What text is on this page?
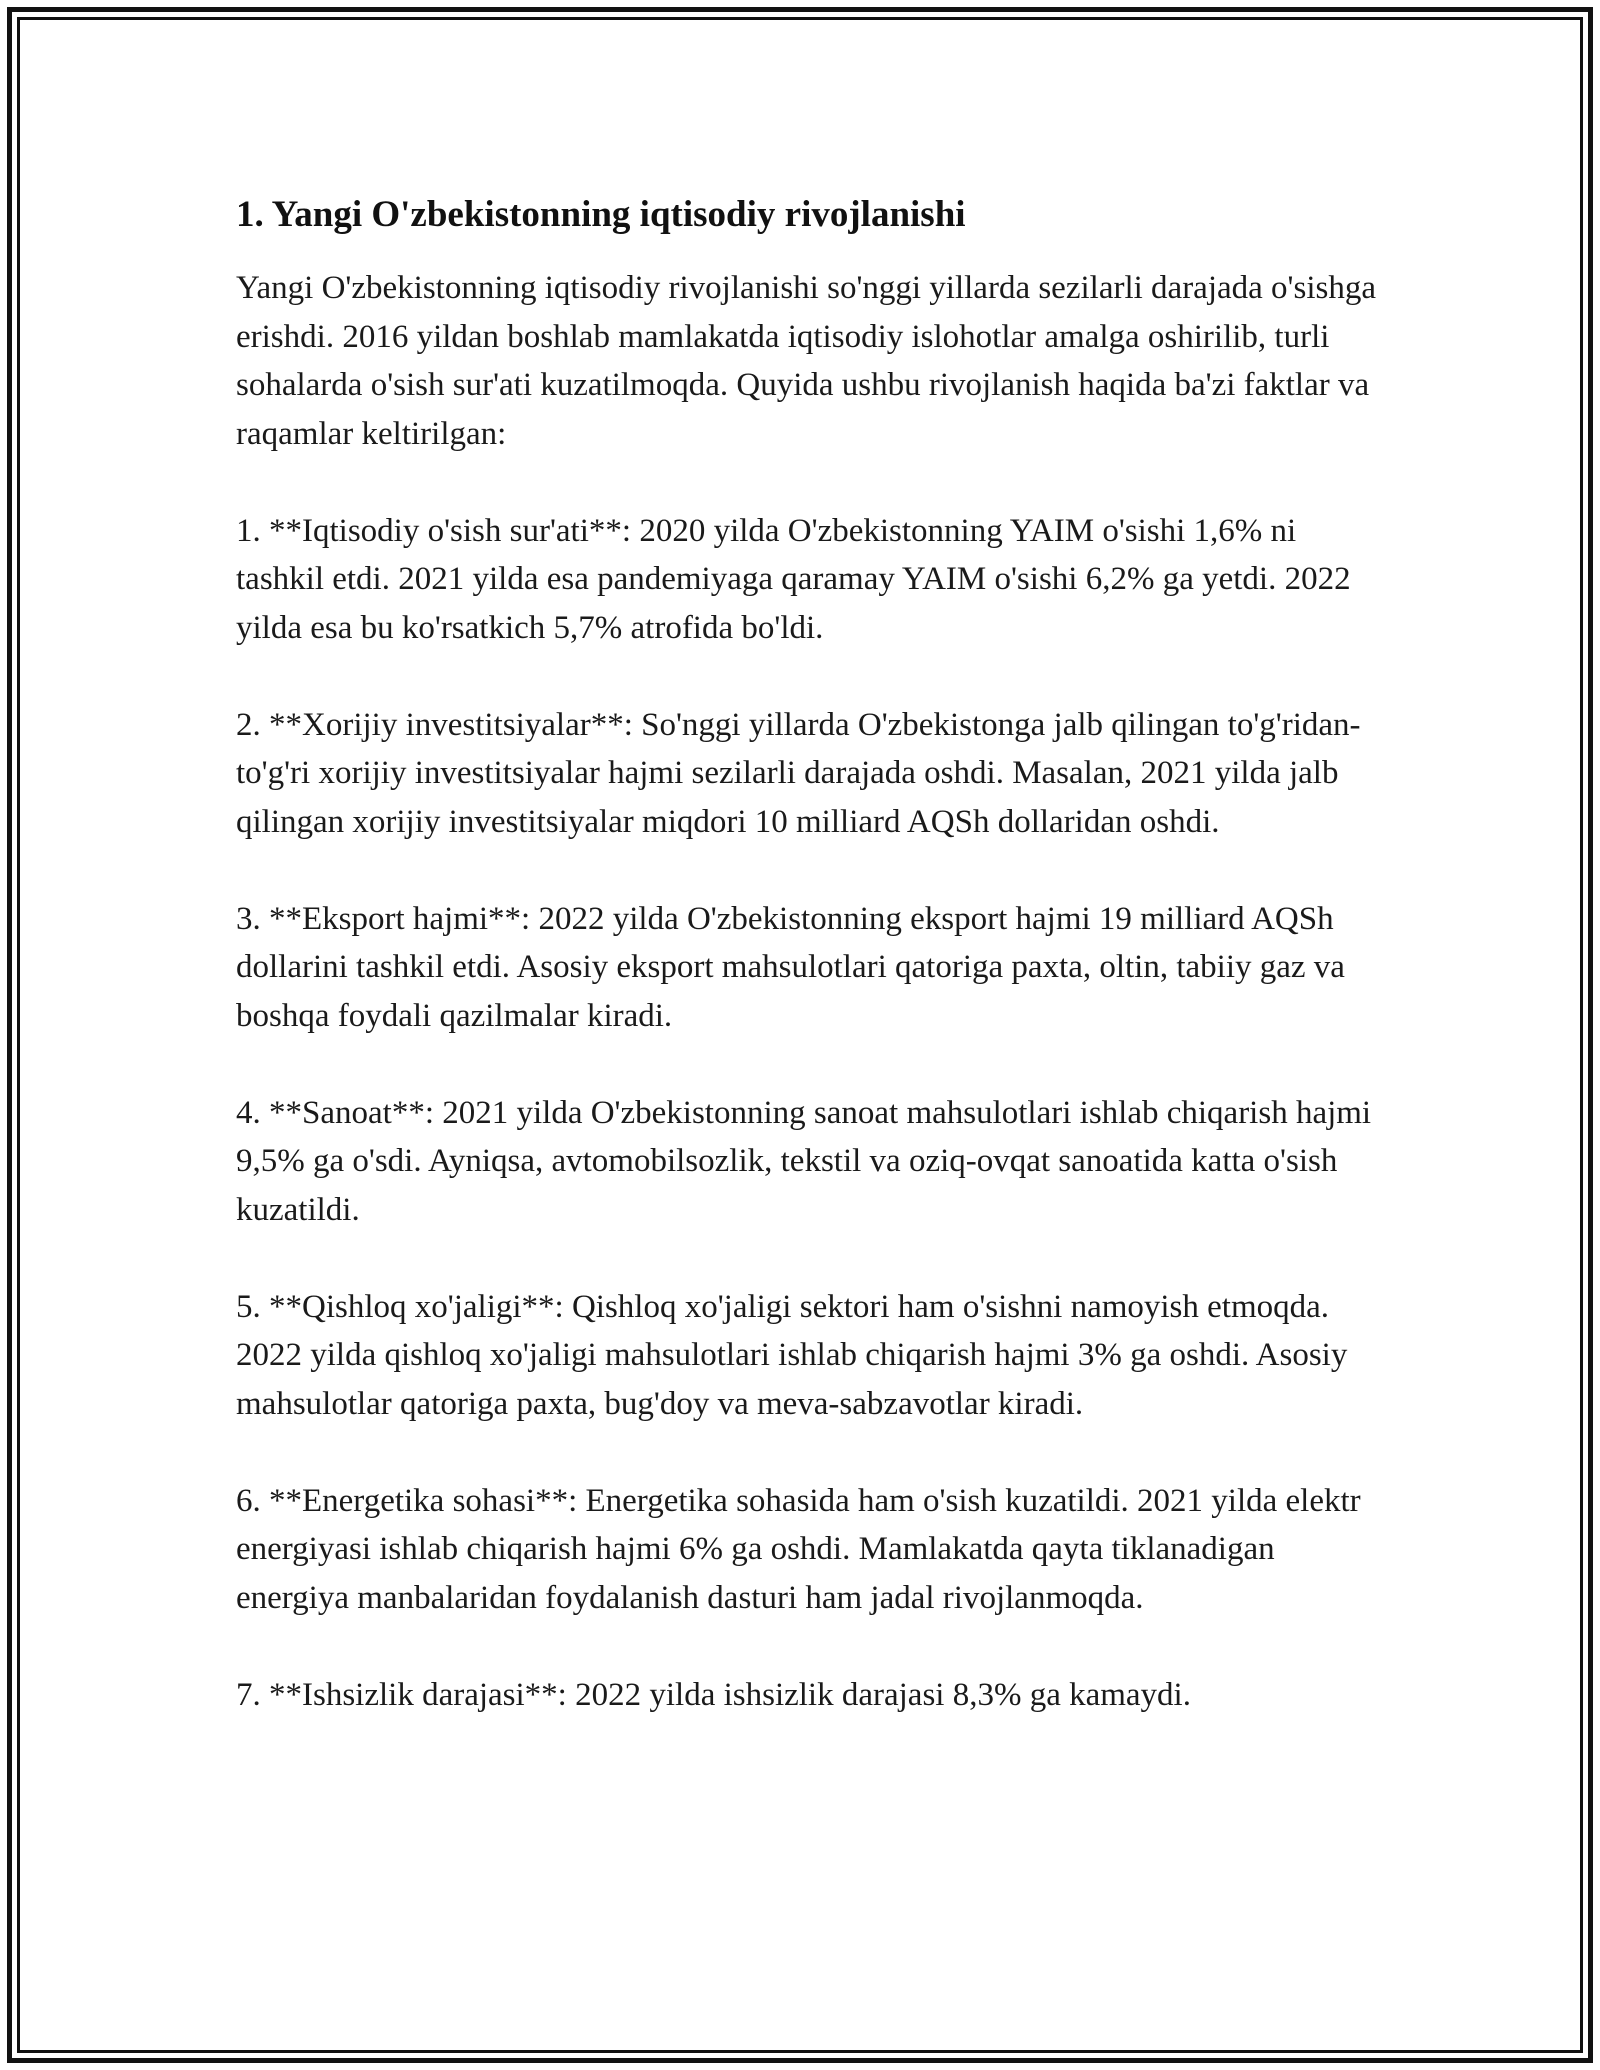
1. Yangi O'zbekistonning iqtisodiy rivojlanishi

Yangi O'zbekistonning iqtisodiy rivojlanishi so'nggi yillarda sezilarli darajada o'sishga erishdi. 2016 yildan boshlab mamlakatda iqtisodiy islohotlar amalga oshirilib, turli sohalarda o'sish sur'ati kuzatilmoqda. Quyida ushbu rivojlanish haqida ba'zi faktlar va raqamlar keltirilgan:

1. **Iqtisodiy o'sish sur'ati**: 2020 yilda O'zbekistonning YAIM o'sishi 1,6% ni tashkil etdi. 2021 yilda esa pandemiyaga qaramay YAIM o'sishi 6,2% ga yetdi. 2022 yilda esa bu ko'rsatkich 5,7% atrofida bo'ldi.

2. **Xorijiy investitsiyalar**: So'nggi yillarda O'zbekistonga jalb qilingan to'g'ridan-to'g'ri xorijiy investitsiyalar hajmi sezilarli darajada oshdi. Masalan, 2021 yilda jalb qilingan xorijiy investitsiyalar miqdori 10 milliard AQSh dollaridan oshdi.

3. **Eksport hajmi**: 2022 yilda O'zbekistonning eksport hajmi 19 milliard AQSh dollarini tashkil etdi. Asosiy eksport mahsulotlari qatoriga paxta, oltin, tabiiy gaz va boshqa foydali qazilmalar kiradi.

4. **Sanoat**: 2021 yilda O'zbekistonning sanoat mahsulotlari ishlab chiqarish hajmi 9,5% ga o'sdi. Ayniqsa, avtomobilsozlik, tekstil va oziq-ovqat sanoatida katta o'sish kuzatildi.

5. **Qishloq xo'jaligi**: Qishloq xo'jaligi sektori ham o'sishni namoyish etmoqda. 2022 yilda qishloq xo'jaligi mahsulotlari ishlab chiqarish hajmi 3% ga oshdi. Asosiy mahsulotlar qatoriga paxta, bug'doy va meva-sabzavotlar kiradi.

6. **Energetika sohasi**: Energetika sohasida ham o'sish kuzatildi. 2021 yilda elektr energiyasi ishlab chiqarish hajmi 6% ga oshdi. Mamlakatda qayta tiklanadigan energiya manbalaridan foydalanish dasturi ham jadal rivojlanmoqda.

7. **Ishsizlik darajasi**: 2022 yilda ishsizlik darajasi 8,3% ga kamaydi.
